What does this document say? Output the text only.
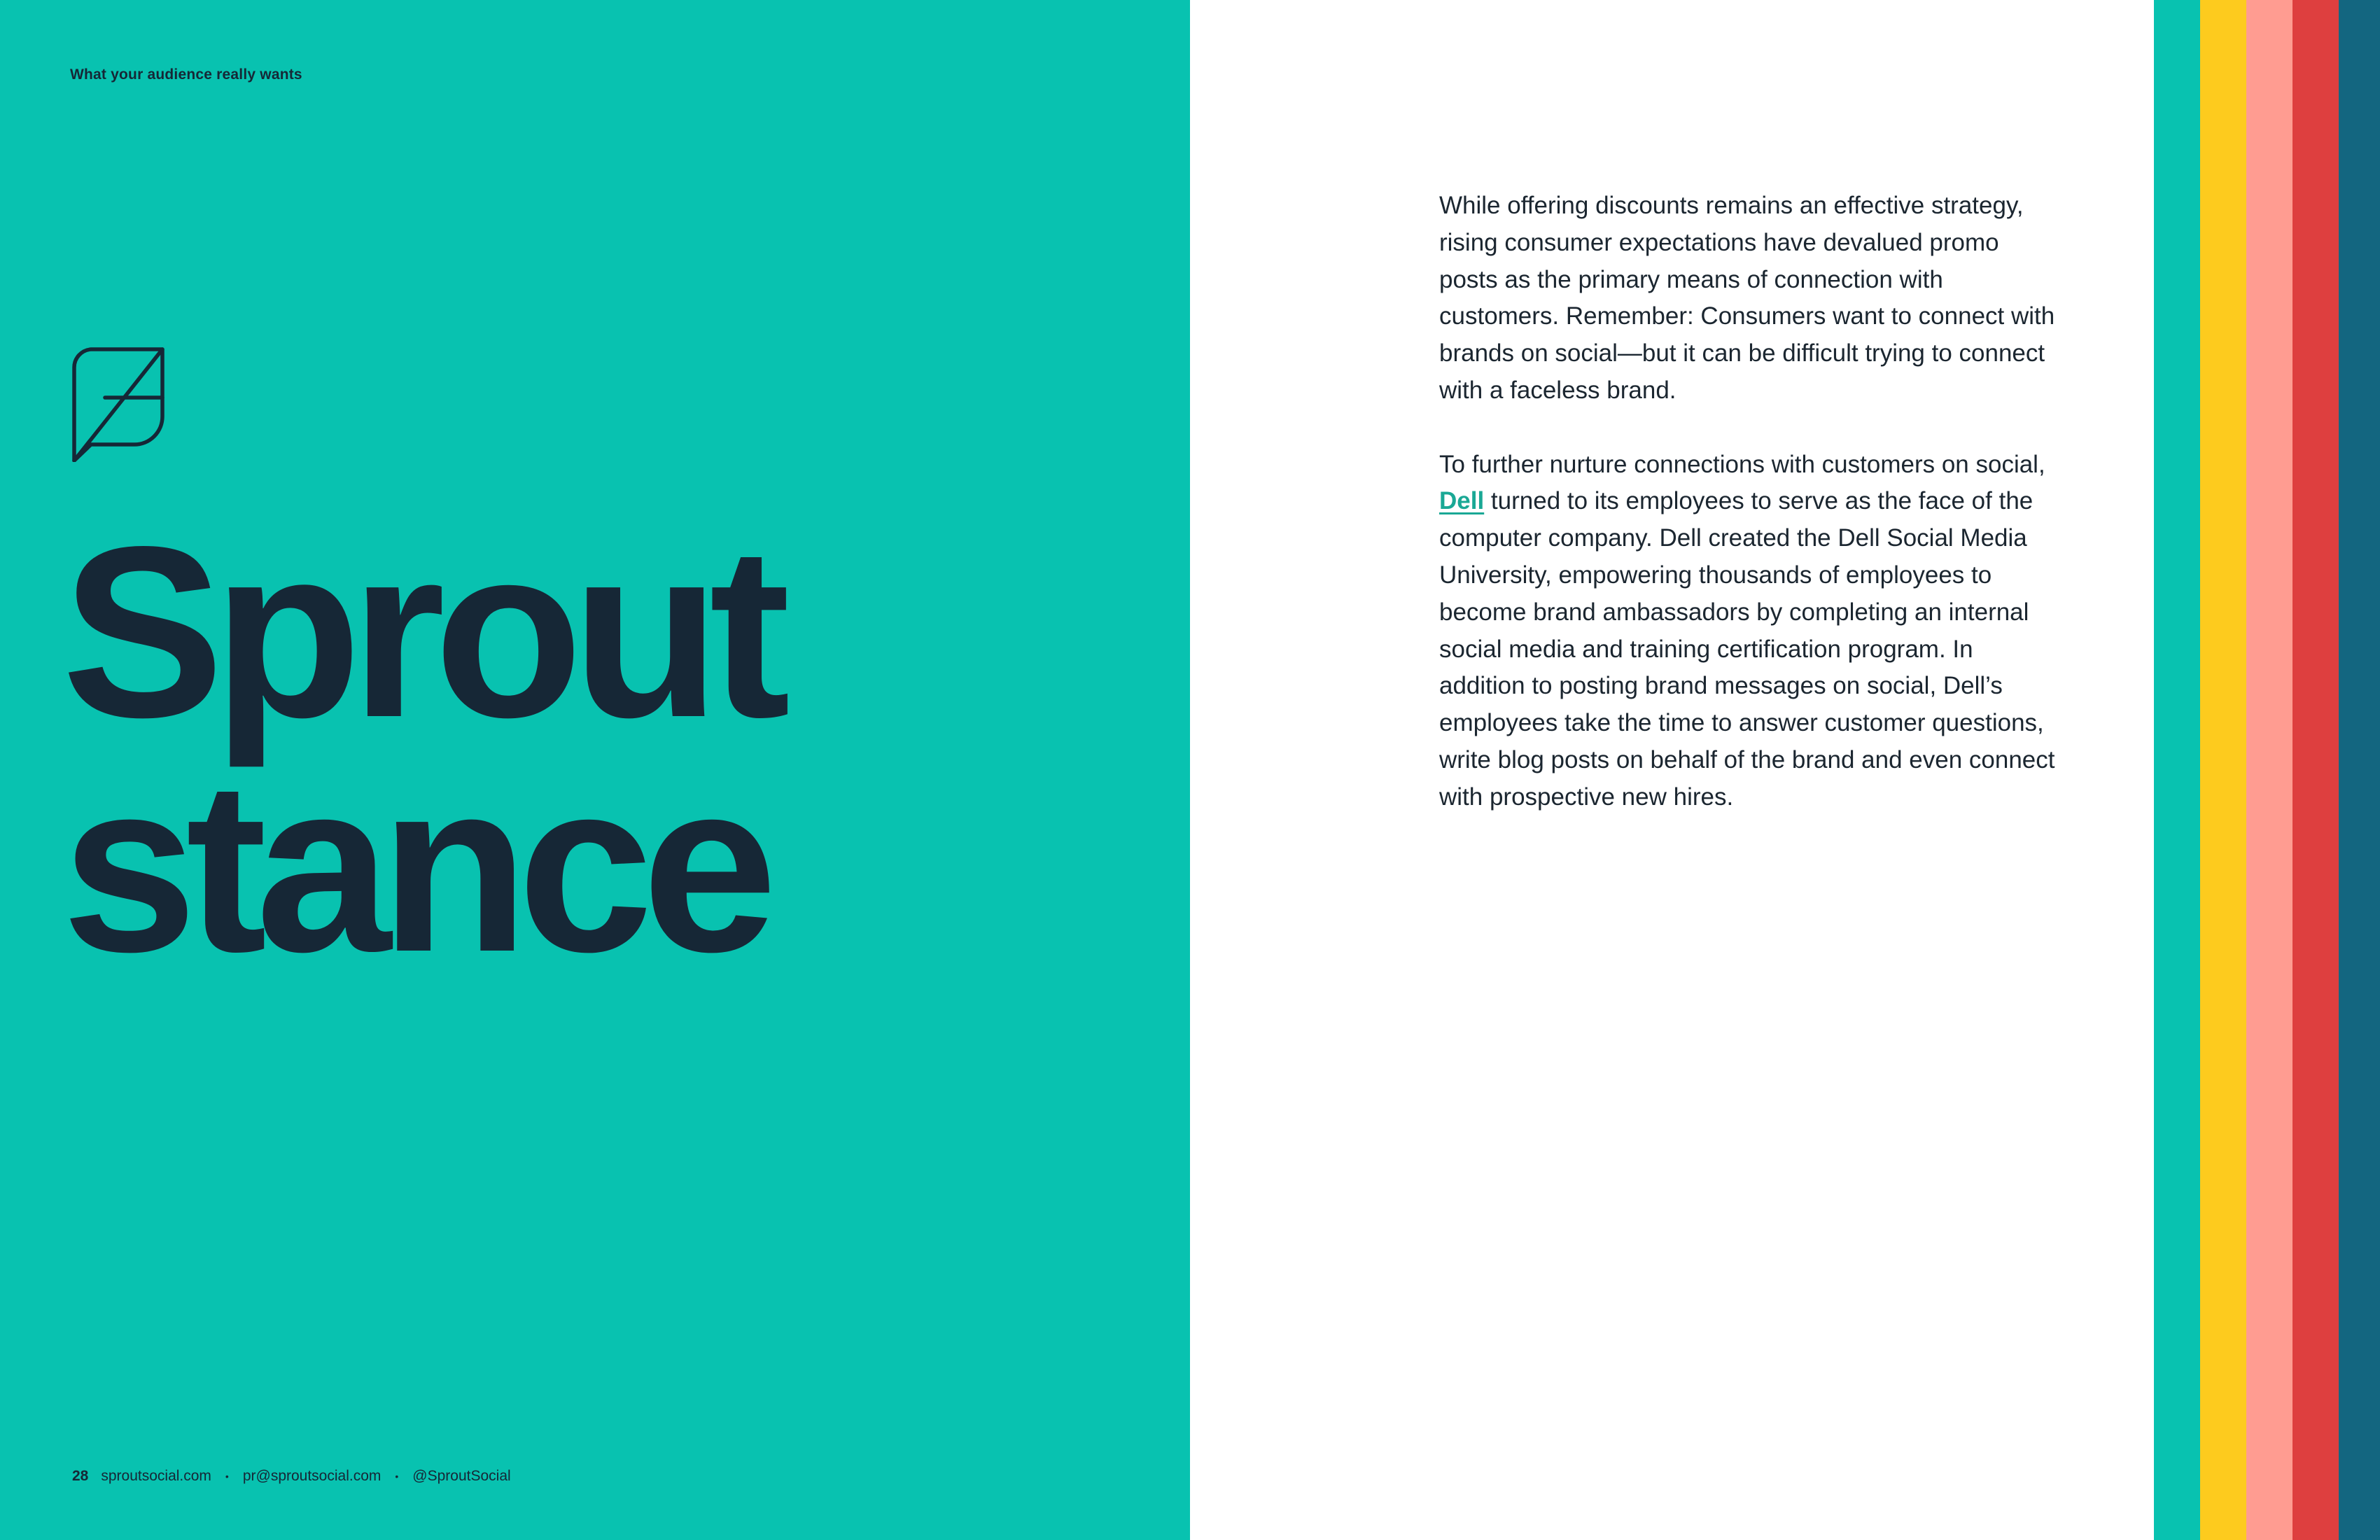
What your audience really wants
Sprout
stance
28 sproutsocial.com • pr@sproutsocial.com • @SproutSocial

While offering discounts remains an effective strategy, rising consumer expectations have devalued promo posts as the primary means of connection with customers. Remember: Consumers want to connect with brands on social—but it can be difficult trying to connect with a faceless brand.

To further nurture connections with customers on social, Dell turned to its employees to serve as the face of the computer company. Dell created the Dell Social Media University, empowering thousands of employees to become brand ambassadors by completing an internal social media and training certification program. In addition to posting brand messages on social, Dell’s employees take the time to answer customer questions, write blog posts on behalf of the brand and even connect with prospective new hires.
